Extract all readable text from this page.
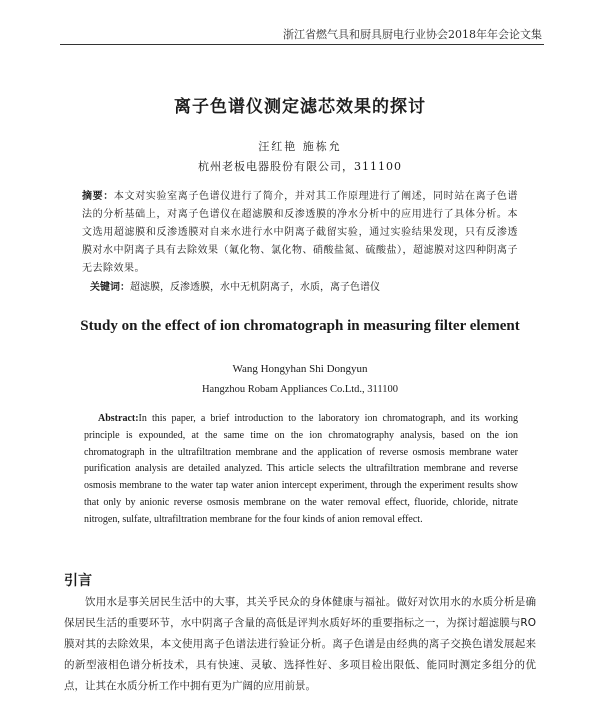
浙江省燃气具和厨具厨电行业协会2018年年会论文集
离子色谱仪测定滤芯效果的探讨
汪红艳 施栋允
杭州老板电器股份有限公司，311100
摘要：本文对实验室离子色谱仪进行了简介，并对其工作原理进行了阐述，同时站在离子色谱法的分析基础上，对离子色谱仪在超滤膜和反渗透膜的净水分析中的应用进行了具体分析。本文选用超滤膜和反渗透膜对自来水进行水中阴离子截留实验，通过实验结果发现，只有反渗透膜对水中阴离子具有去除效果（氟化物、氯化物、硝酸盐氮、硫酸盐），超滤膜对这四种阴离子无去除效果。
关键词：超滤膜，反渗透膜，水中无机阴离子，水质，离子色谱仪
Study on the effect of ion chromatograph in measuring filter element
Wang Hongyhan Shi Dongyun
Hangzhou Robam Appliances Co.Ltd., 311100
Abstract:In this paper, a brief introduction to the laboratory ion chromatograph, and its working principle is expounded, at the same time on the ion chromatography analysis, based on the ion chromatograph in the ultrafiltration membrane and the application of reverse osmosis membrane water purification analysis are detailed analyzed. This article selects the ultrafiltration membrane and reverse osmosis membrane to the water tap water anion intercept experiment, through the experiment results show that only by anionic reverse osmosis membrane on the water removal effect, fluoride, chloride, nitrate nitrogen, sulfate, ultrafiltration membrane for the four kinds of anion removal effect.
引言
饮用水是事关居民生活中的大事，其关乎民众的身体健康与福祉。做好对饮用水的水质分析是确保居民生活的重要环节，水中阴离子含量的高低是评判水质好坏的重要指标之一，为探讨超滤膜与RO膜对其的去除效果，本文使用离子色谱法进行验证分析。离子色谱是由经典的离子交换色谱发展起来的新型液相色谱分析技术，具有快速、灵敏、选择性好、多项目检出限低、能同时测定多组分的优点，让其在水质分析工作中拥有更为广阔的应用前景。
